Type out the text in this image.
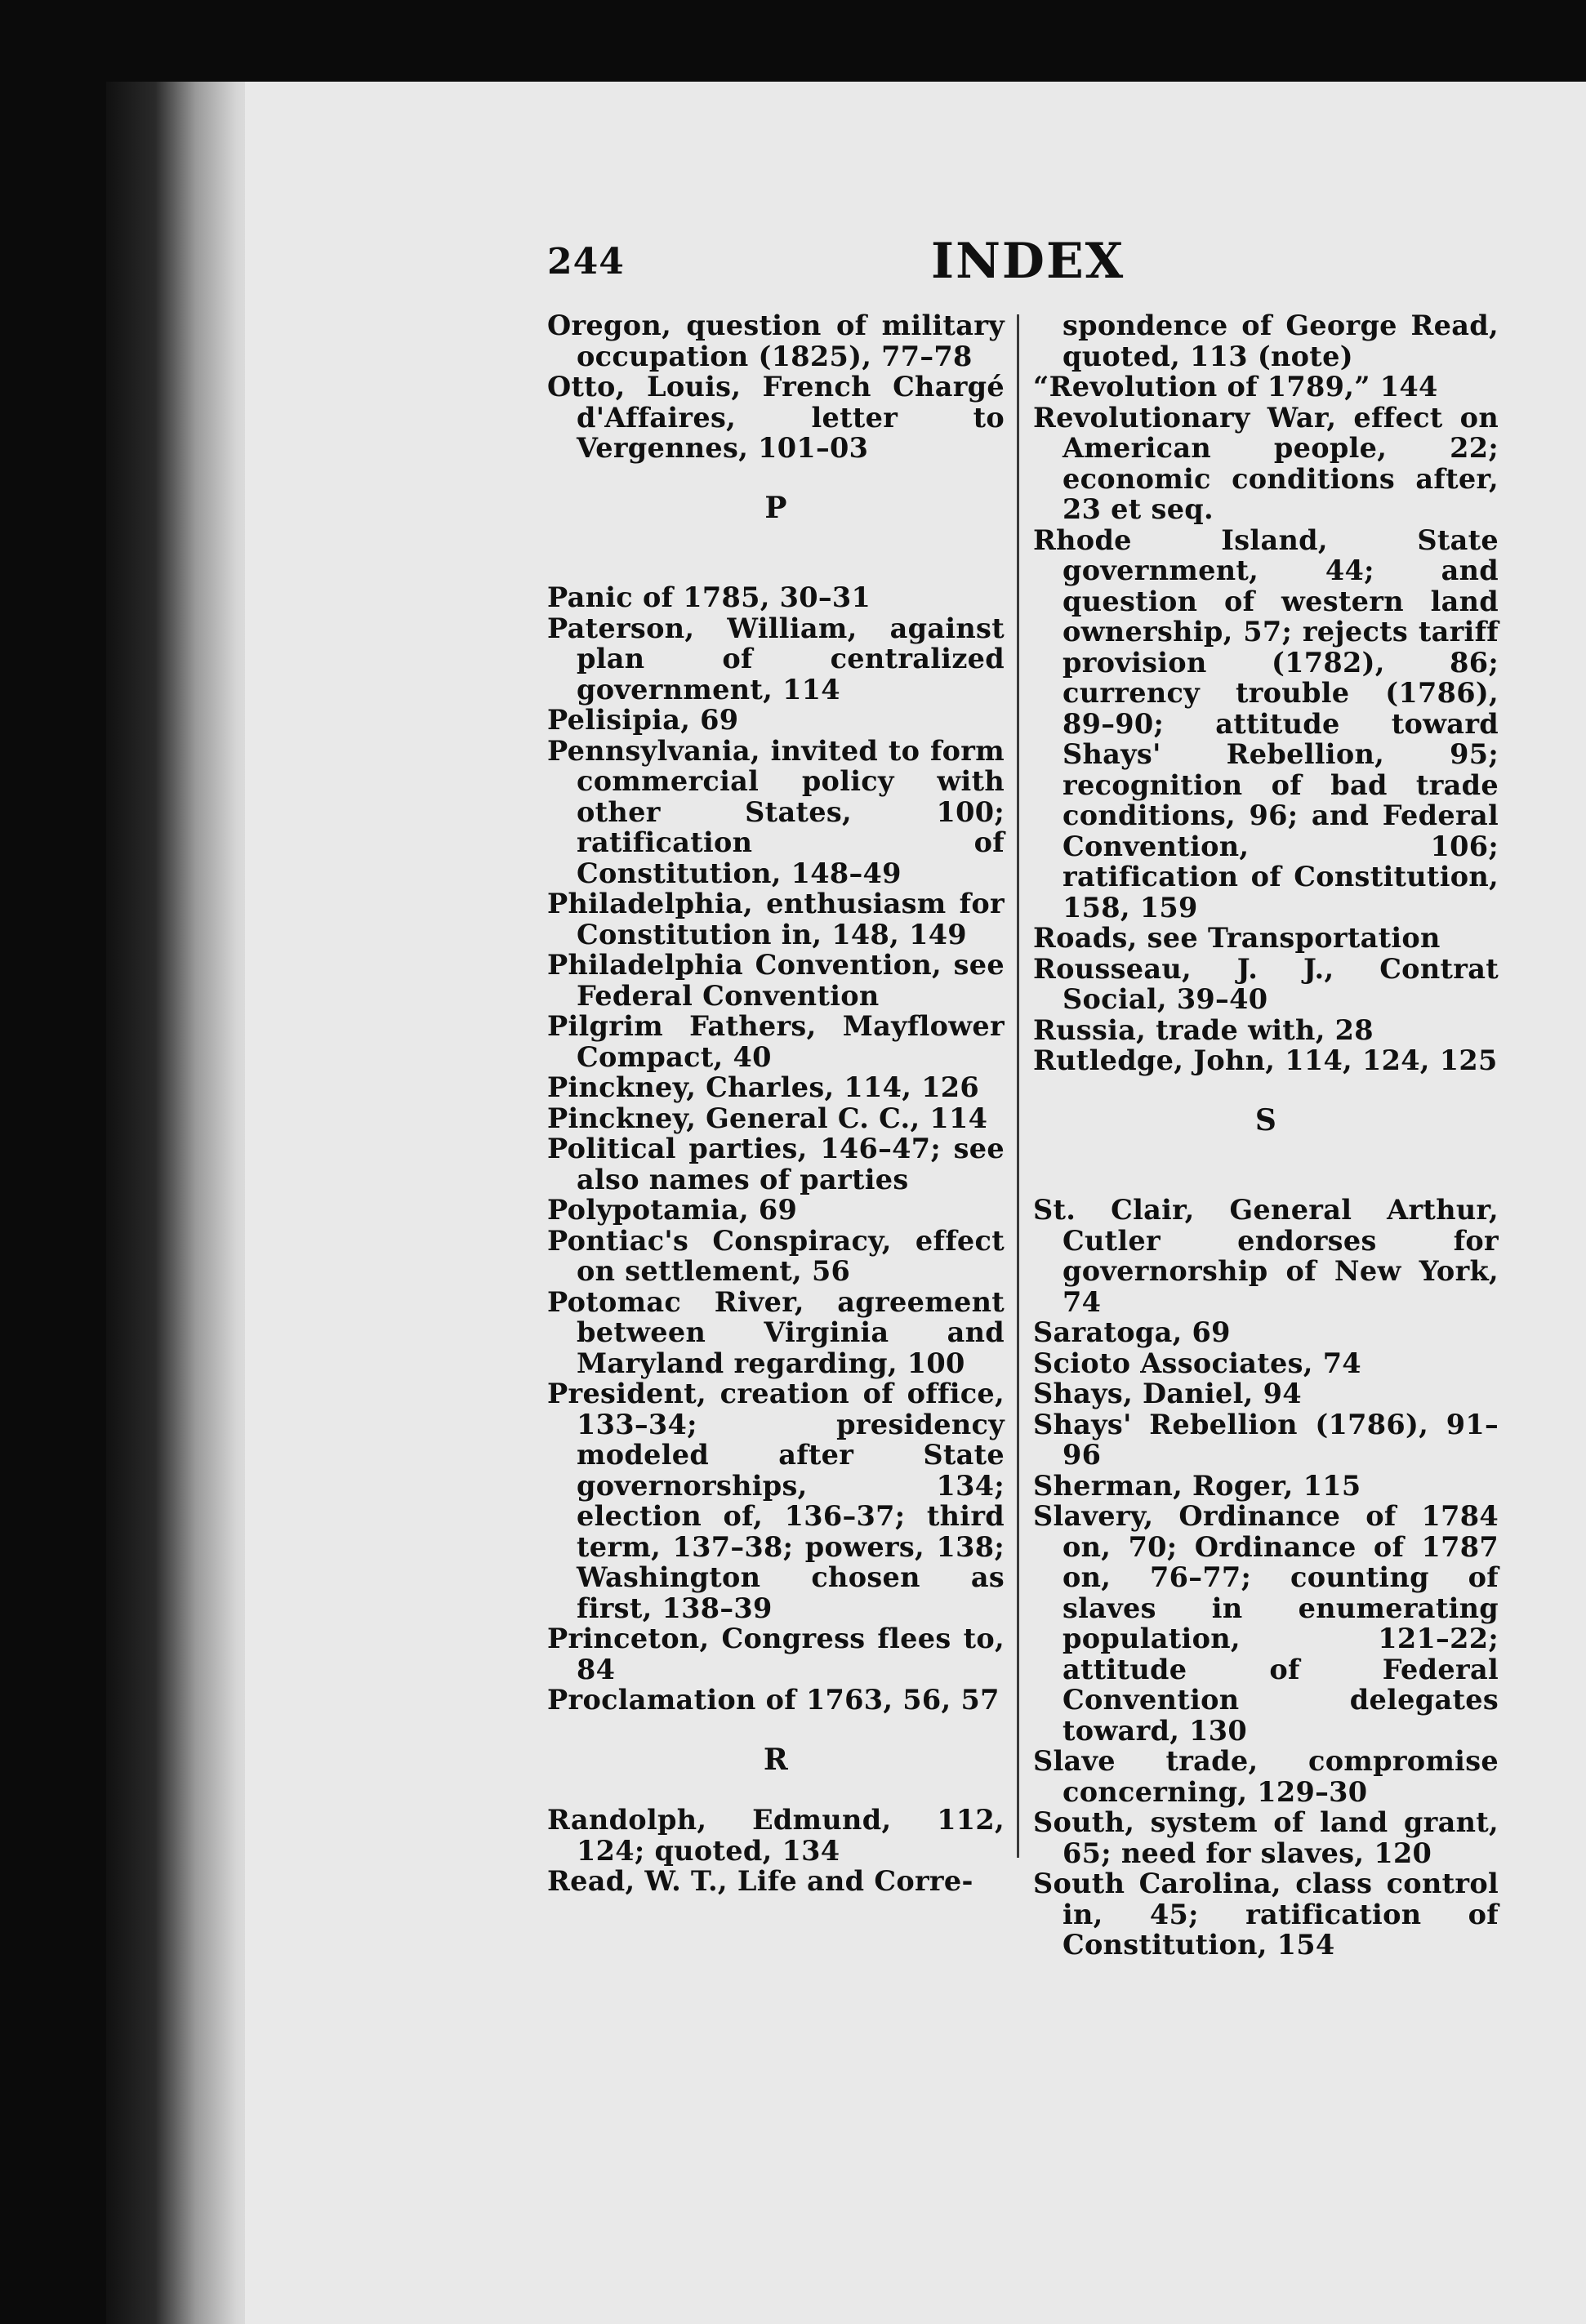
244	INDEX

Oregon, question of military occupation (1825), 77–78

Otto, Louis, French Chargé d'Affaires, letter to Vergennes, 101–03

P

Panic of 1785, 30–31

Paterson, William, against plan of centralized government, 114

Pelisipia, 69

Pennsylvania, invited to form commercial policy with other States, 100; ratification of Constitution, 148–49

Philadelphia, enthusiasm for Constitution in, 148, 149

Philadelphia Convention, see Federal Convention

Pilgrim Fathers, Mayflower Compact, 40

Pinckney, Charles, 114, 126

Pinckney, General C. C., 114

Political parties, 146–47; see also names of parties

Polypotamia, 69

Pontiac's Conspiracy, effect on settlement, 56

Potomac River, agreement between Virginia and Maryland regarding, 100

President, creation of office, 133–34; presidency modeled after State governorships, 134; election of, 136–37; third term, 137–38; powers, 138; Washington chosen as first, 138–39

Princeton, Congress flees to, 84

Proclamation of 1763, 56, 57

R

Randolph, Edmund, 112, 124; quoted, 134

Read, W. T., Life and Corre-

spondence of George Read, quoted, 113 (note)

“Revolution of 1789,” 144

Revolutionary War, effect on American people, 22; economic conditions after, 23 et seq.

Rhode Island, State government, 44; and question of western land ownership, 57; rejects tariff provision (1782), 86; currency trouble (1786), 89–90; attitude toward Shays' Rebellion, 95; recognition of bad trade conditions, 96; and Federal Convention, 106; ratification of Constitution, 158, 159

Roads, see Transportation

Rousseau, J. J., Contrat Social, 39–40

Russia, trade with, 28

Rutledge, John, 114, 124, 125

S

St. Clair, General Arthur, Cutler endorses for governorship of New York, 74

Saratoga, 69

Scioto Associates, 74

Shays, Daniel, 94

Shays' Rebellion (1786), 91–96

Sherman, Roger, 115

Slavery, Ordinance of 1784 on, 70; Ordinance of 1787 on, 76–77; counting of slaves in enumerating population, 121–22; attitude of Federal Convention delegates toward, 130

Slave trade, compromise concerning, 129–30

South, system of land grant, 65; need for slaves, 120

South Carolina, class control in, 45; ratification of Constitution, 154
